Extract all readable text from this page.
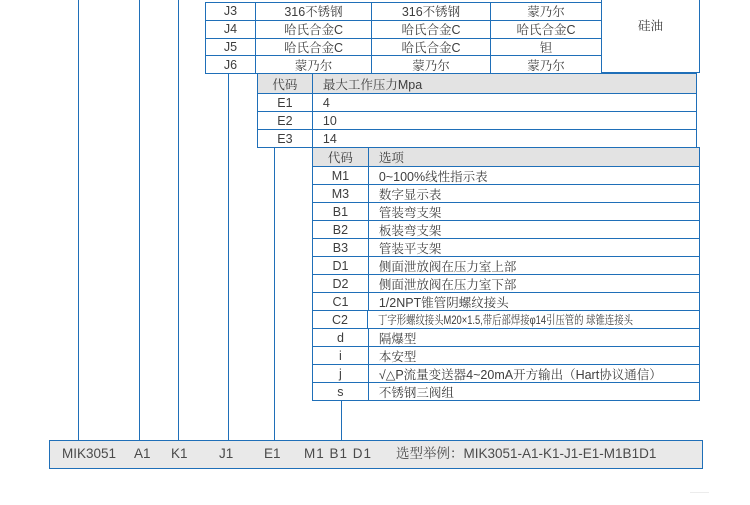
J3	316不锈钢	316不锈钢	蒙乃尔
J4	哈氏合金C	哈氏合金C	哈氏合金C
J5	哈氏合金C	哈氏合金C	钽
J6	蒙乃尔	蒙乃尔	蒙乃尔
硅油
代码	最大工作压力Mpa
E1	4
E2	10
E3	14
代码	选项
M1	0~100%线性指示表
M3	数字显示表
B1	管装弯支架
B2	板装弯支架
B3	管装平支架
D1	侧面泄放阀在压力室上部
D2	侧面泄放阀在压力室下部
C1	1/2NPT锥管阴螺纹接头
C2	丁字形螺纹接头M20×1.5,带后部焊接φ14引压管的 球锥连接头
d	隔爆型
i	本安型
j	√△P流量变送器4~20mA开方输出（Hart协议通信）
s	不锈钢三阀组
MIK3051 A1 K1 J1 E1 M1 B1 D1 选型举例：MIK3051-A1-K1-J1-E1-M1B1D1
